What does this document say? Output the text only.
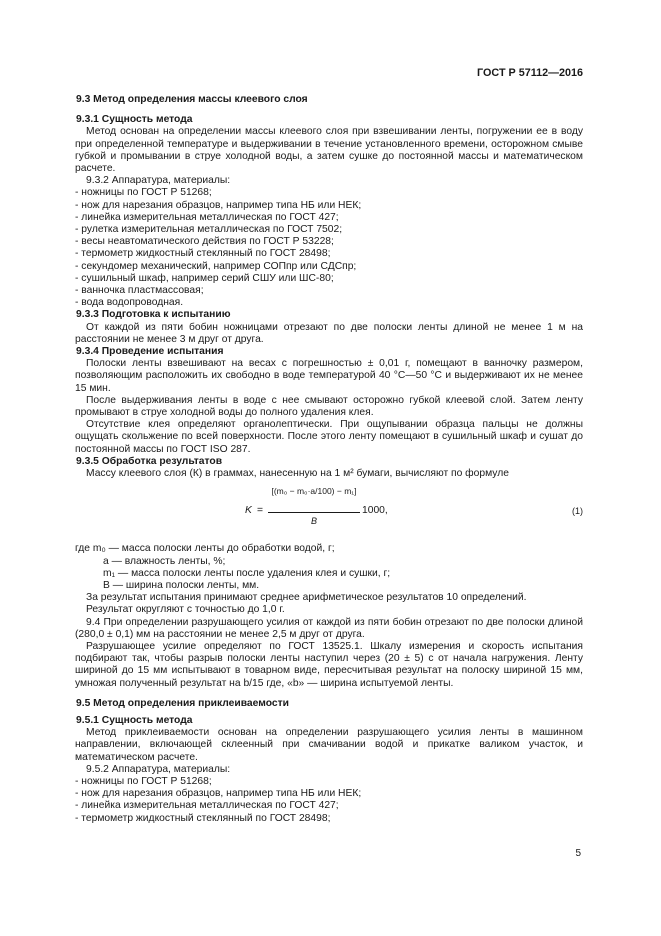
ГОСТ Р 57112—2016

9.3 Метод определения массы клеевого слоя

9.3.1 Сущность метода

Метод основан на определении массы клеевого слоя при взвешивании ленты, погружении ее в воду при определенной температуре и выдерживании в течение установленного времени, осторожном смыве губкой и промывании в струе холодной воды, а затем сушке до постоянной массы и математическом расчете.

9.3.2 Аппаратура, материалы:

- ножницы по ГОСТ Р 51268;
- нож для нарезания образцов, например типа НБ или НЕК;
- линейка измерительная металлическая по ГОСТ 427;
- рулетка измерительная металлическая по ГОСТ 7502;
- весы неавтоматического действия по ГОСТ Р 53228;
- термометр жидкостный стеклянный по ГОСТ 28498;
- секундомер механический, например СОПпр или СДСпр;
- сушильный шкаф, например серий СШУ или ШС-80;
- ванночка пластмассовая;
- вода водопроводная.

9.3.3 Подготовка к испытанию

От каждой из пяти бобин ножницами отрезают по две полоски ленты длиной не менее 1 м на расстоянии не менее 3 м друг от друга.

9.3.4 Проведение испытания

Полоски ленты взвешивают на весах с погрешностью ± 0,01 г, помещают в ванночку размером, позволяющим расположить их свободно в воде температурой 40 °С—50 °С и выдерживают их не менее 15 мин.

После выдерживания ленты в воде с нее смывают осторожно губкой клеевой слой. Затем ленту промывают в струе холодной воды до полного удаления клея.

Отсутствие клея определяют органолептически. При ощупывании образца пальцы не должны ощущать скольжение по всей поверхности. После этого ленту помещают в сушильный шкаф и сушат до постоянной массы по ГОСТ ISO 287.

9.3.5 Обработка результатов

Массу клеевого слоя (К) в граммах, нанесенную на 1 м² бумаги, вычисляют по формуле

K =
[(m₀ − m₀·a/100) − m₁]
B
1000,	(1)
где m₀ — масса полоски ленты до обработки водой, г;
a — влажность ленты, %;
m₁ — масса полоски ленты после удаления клея и сушки, г;
B — ширина полоски ленты, мм.

За результат испытания принимают среднее арифметическое результатов 10 определений.

Результат округляют с точностью до 1,0 г.

9.4 При определении разрушающего усилия от каждой из пяти бобин отрезают по две полоски длиной (280,0 ± 0,1) мм на расстоянии не менее 2,5 м друг от друга.

Разрушающее усилие определяют по ГОСТ 13525.1. Шкалу измерения и скорость испытания подбирают так, чтобы разрыв полоски ленты наступил через (20 ± 5) с от начала нагружения. Ленту шириной до 15 мм испытывают в товарном виде, пересчитывая результат на полоску шириной 15 мм, умножая полученный результат на b/15 где, «b» — ширина испытуемой ленты.

9.5 Метод определения приклеиваемости

9.5.1 Сущность метода

Метод приклеиваемости основан на определении разрушающего усилия ленты в машинном направлении, включающей склеенный при смачивании водой и прикатке валиком участок, и математическом расчете.

9.5.2 Аппаратура, материалы:

- ножницы по ГОСТ Р 51268;
- нож для нарезания образцов, например типа НБ или НЕК;
- линейка измерительная металлическая по ГОСТ 427;
- термометр жидкостный стеклянный по ГОСТ 28498;
5
